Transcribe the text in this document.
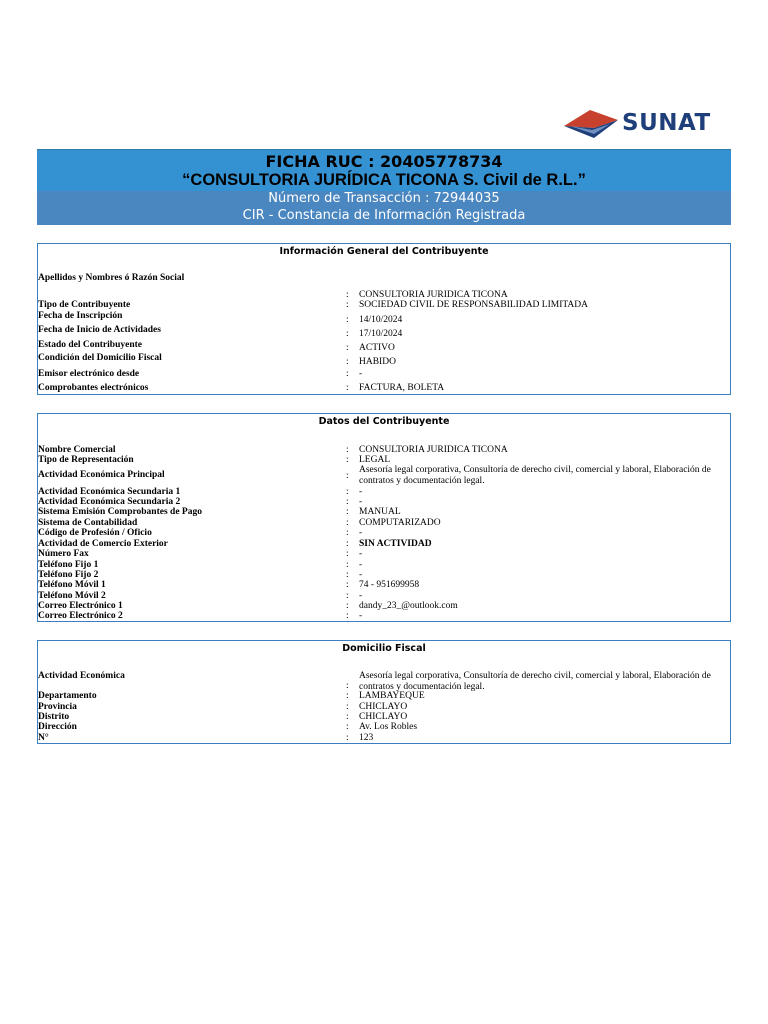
SUNAT
FICHA RUC : 20405778734
“CONSULTORIA JURÍDICA TICONA S. Civil de R.L.”
Número de Transacción : 72944035
CIR - Constancia de Información Registrada
Información General del Contribuyente
Apellidos y Nombres ó Razón Social
: CONSULTORIA JURIDICA TICONA
Tipo de Contribuyente	: SOCIEDAD CIVIL DE RESPONSABILIDAD LIMITADA
Fecha de Inscripción	: 14/10/2024
Fecha de Inicio de Actividades	: 17/10/2024
Estado del Contribuyente	: ACTIVO
Condición del Domicilio Fiscal	: HABIDO
Emisor electrónico desde	: -
Comprobantes electrónicos	: FACTURA, BOLETA
Datos del Contribuyente
Nombre Comercial	: CONSULTORIA JURIDICA TICONA
Tipo de Representación	: LEGAL
Actividad Económica Principal	:
Asesoría legal corporativa, Consultoría de derecho civil, comercial y laboral, Elaboración de contratos y documentación legal.
Actividad Económica Secundaria 1	: -
Actividad Económica Secundaria 2	: -
Sistema Emisión Comprobantes de Pago	: MANUAL
Sistema de Contabilidad	: COMPUTARIZADO
Código de Profesión / Oficio	: -
Actividad de Comercio Exterior	: SIN ACTIVIDAD
Número Fax	: -
Teléfono Fijo 1	: -
Teléfono Fijo 2	: -
Teléfono Móvil 1	: 74 - 951699958
Teléfono Móvil 2	: -
Correo Electrónico 1	: dandy_23_@outlook.com
Correo Electrónico 2	: -
Domicilio Fiscal
Actividad Económica
:
Asesoría legal corporativa, Consultoría de derecho civil, comercial y laboral, Elaboración de contratos y documentación legal.
Departamento	: LAMBAYEQUE
Provincia	: CHICLAYO
Distrito	: CHICLAYO
Dirección	: Av. Los Robles
N°	: 123
